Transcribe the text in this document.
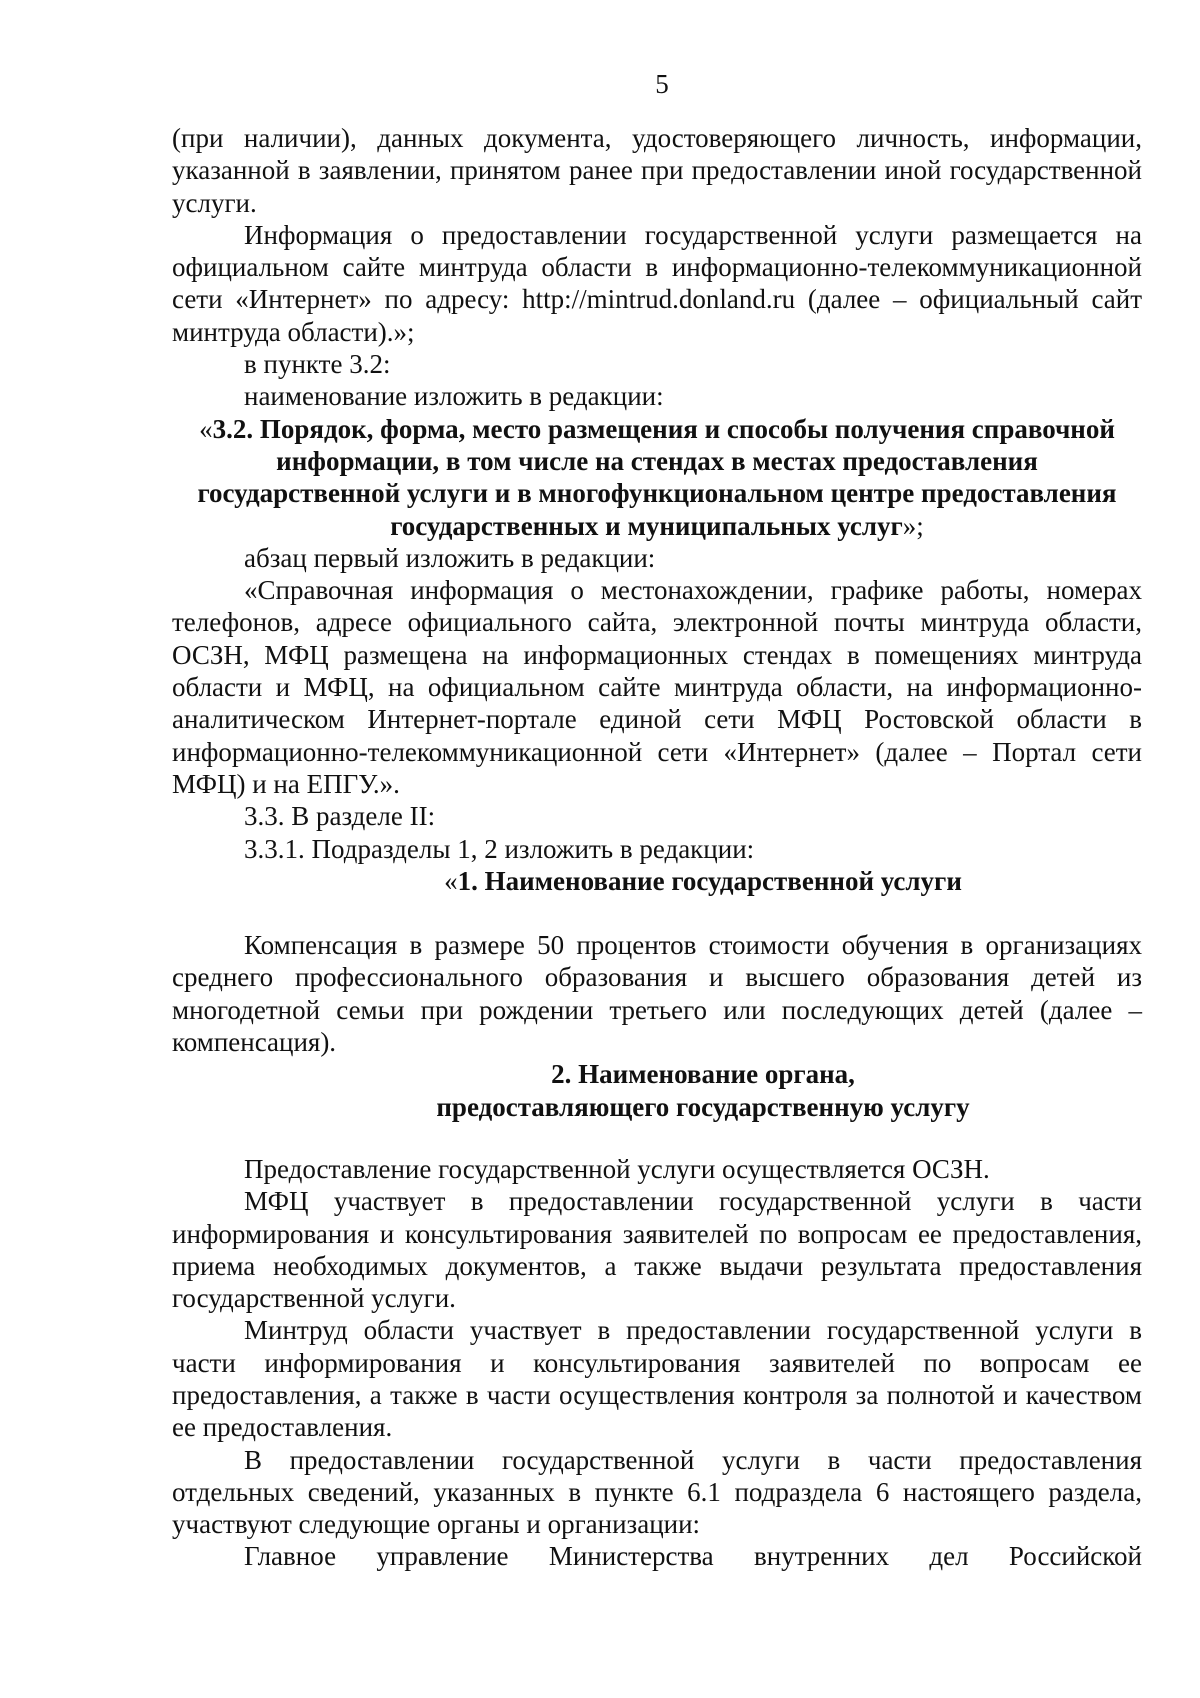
5

(при наличии), данных документа, удостоверяющего личность, информации, указанной в заявлении, принятом ранее при предоставлении иной государственной услуги.

Информация о предоставлении государственной услуги размещается на официальном сайте минтруда области в информационно-телекоммуникационной сети «Интернет» по адресу: http://mintrud.donland.ru (далее – официальный сайт минтруда области).»;

в пункте 3.2:

наименование изложить в редакции:

«3.2. Порядок, форма, место размещения и способы получения справочной информации, в том числе на стендах в местах предоставления государственной услуги и в многофункциональном центре предоставления государственных и муниципальных услуг»;

абзац первый изложить в редакции:

«Справочная информация о местонахождении, графике работы, номерах телефонов, адресе официального сайта, электронной почты минтруда области, ОСЗН, МФЦ размещена на информационных стендах в помещениях минтруда области и МФЦ, на официальном сайте минтруда области, на информационно-аналитическом Интернет-портале единой сети МФЦ Ростовской области в информационно-телекоммуникационной сети «Интернет» (далее – Портал сети МФЦ) и на ЕПГУ.».

3.3. В разделе II:

3.3.1. Подразделы 1, 2 изложить в редакции:

«1. Наименование государственной услуги

Компенсация в размере 50 процентов стоимости обучения в организациях среднего профессионального образования и высшего образования детей из многодетной семьи при рождении третьего или последующих детей (далее – компенсация).

2. Наименование органа,

предоставляющего государственную услугу

Предоставление государственной услуги осуществляется ОСЗН.

МФЦ участвует в предоставлении государственной услуги в части информирования и консультирования заявителей по вопросам ее предоставления, приема необходимых документов, а также выдачи результата предоставления государственной услуги.

Минтруд области участвует в предоставлении государственной услуги в части информирования и консультирования заявителей по вопросам ее предоставления, а также в части осуществления контроля за полнотой и качеством ее предоставления.

В предоставлении государственной услуги в части предоставления отдельных сведений, указанных в пункте 6.1 подраздела 6 настоящего раздела, участвуют следующие органы и организации:

Главное управление Министерства внутренних дел Российской
